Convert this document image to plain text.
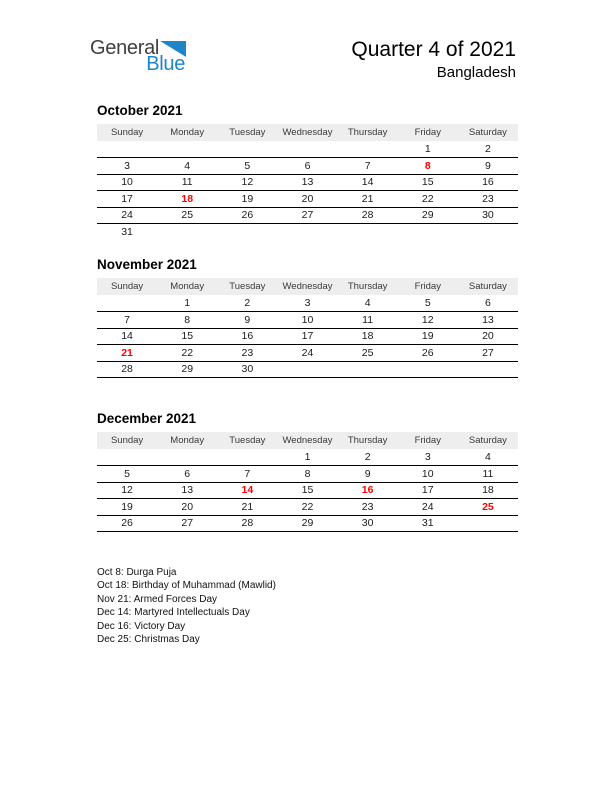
General
Blue
Quarter 4 of 2021
Bangladesh
October 2021
Sunday	Monday	Tuesday	Wednesday	Thursday	Friday	Saturday
					1	2
3	4	5	6	7	8	9
10	11	12	13	14	15	16
17	18	19	20	21	22	23
24	25	26	27	28	29	30
31						
November 2021
Sunday	Monday	Tuesday	Wednesday	Thursday	Friday	Saturday
	1	2	3	4	5	6
7	8	9	10	11	12	13
14	15	16	17	18	19	20
21	22	23	24	25	26	27
28	29	30				
December 2021
Sunday	Monday	Tuesday	Wednesday	Thursday	Friday	Saturday
			1	2	3	4
5	6	7	8	9	10	11
12	13	14	15	16	17	18
19	20	21	22	23	24	25
26	27	28	29	30	31	
Oct 8: Durga Puja
Oct 18: Birthday of Muhammad (Mawlid)
Nov 21: Armed Forces Day
Dec 14: Martyred Intellectuals Day
Dec 16: Victory Day
Dec 25: Christmas Day
